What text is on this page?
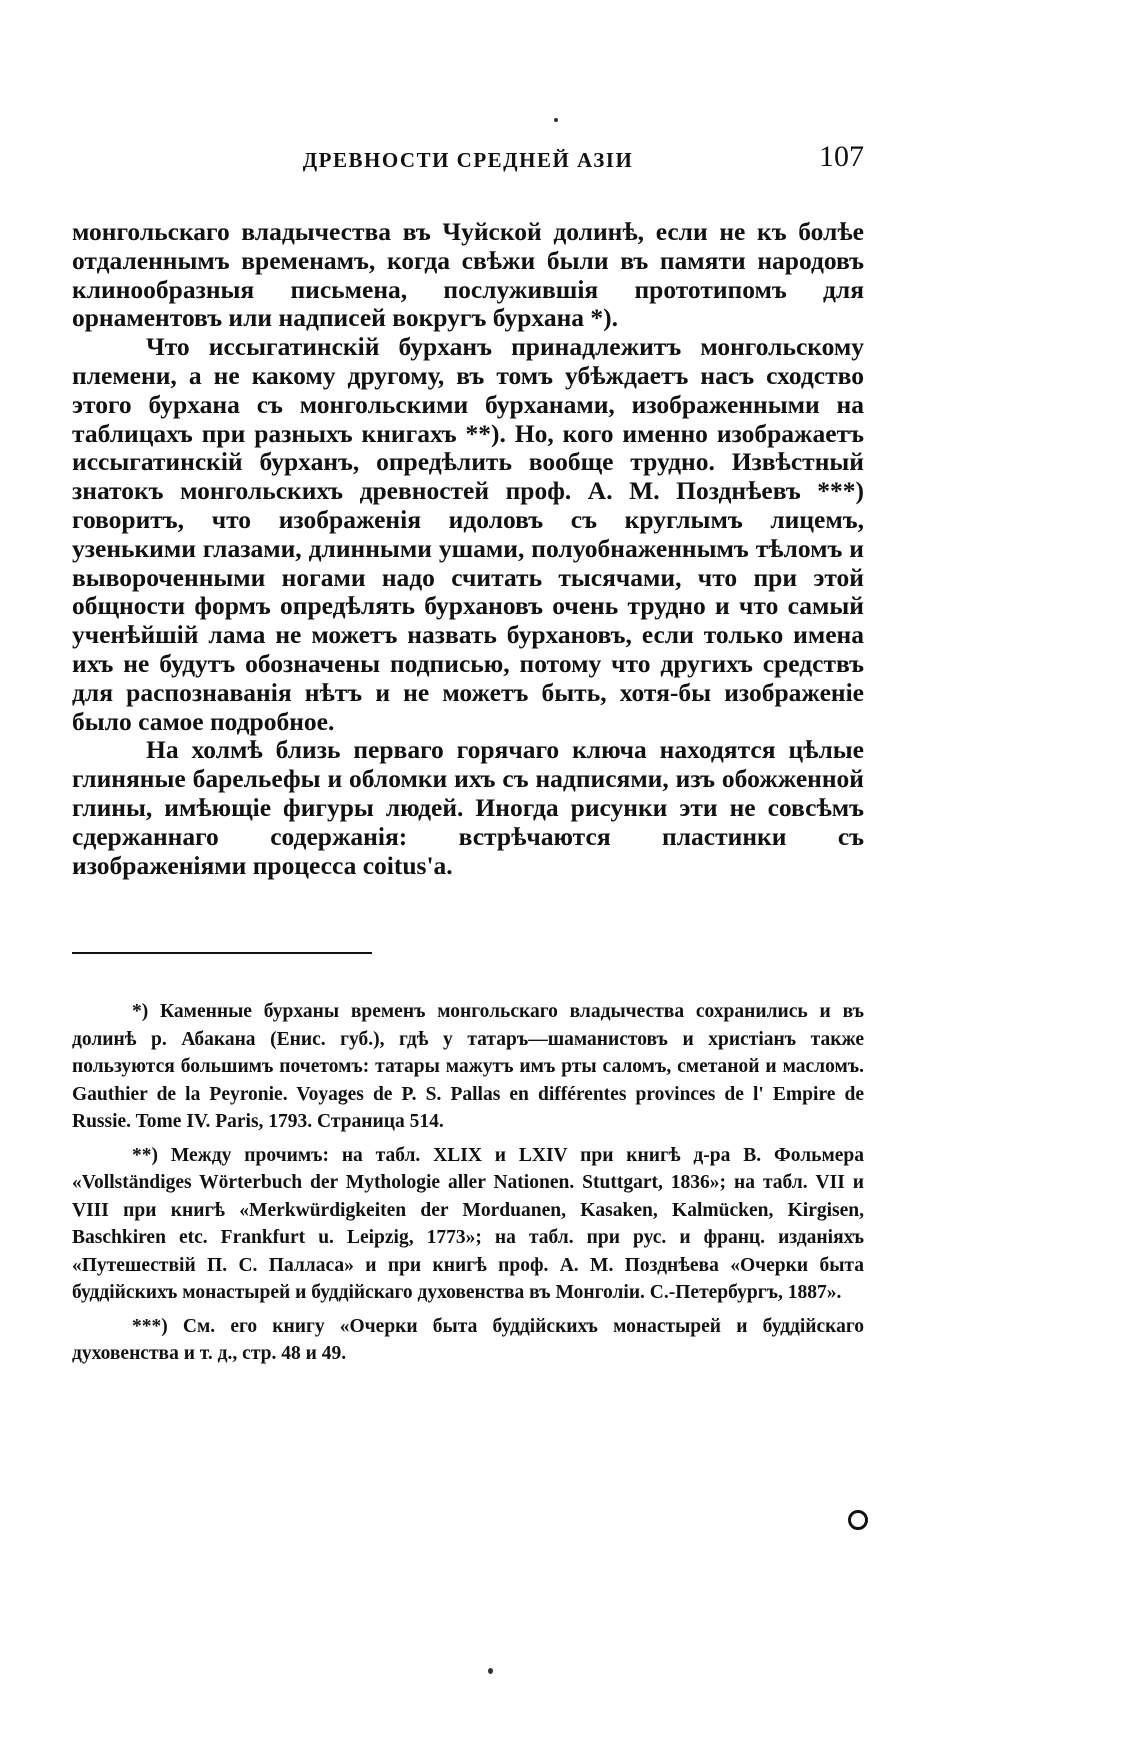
ДРЕВНОСТИ СРЕДНЕЙ АЗІИ	107

монгольскаго владычества въ Чуйской долинѣ, если не къ болѣе отдаленнымъ временамъ, когда свѣжи были въ памяти народовъ клинообразныя письмена, послужившія прототипомъ для орнаментовъ или надписей вокругъ бурхана *).

Что иссыгатинскій бурханъ принадлежитъ монгольскому племени, а не какому другому, въ томъ убѣждаетъ насъ сходство этого бурхана съ монгольскими бурханами, изображенными на таблицахъ при разныхъ книгахъ **). Но, кого именно изображаетъ иссыгатинскій бурханъ, опредѣлить вообще трудно. Извѣстный знатокъ монгольскихъ древностей проф. А. М. Позднѣевъ ***) говоритъ, что изображенія идоловъ съ круглымъ лицемъ, узенькими глазами, длинными ушами, полуобнаженнымъ тѣломъ и вывороченными ногами надо считать тысячами, что при этой общности формъ опредѣлять бурхановъ очень трудно и что самый ученѣйшій лама не можетъ назвать бурхановъ, если только имена ихъ не будутъ обозначены подписью, потому что другихъ средствъ для распознаванія нѣтъ и не можетъ быть, хотя-бы изображеніе было самое подробное.

На холмѣ близь перваго горячаго ключа находятся цѣлые глиняные барельефы и обломки ихъ съ надписями, изъ обожженной глины, имѣющіе фигуры людей. Иногда рисунки эти не совсѣмъ сдержаннаго содержанія: встрѣчаются пластинки съ изображеніями процесса coitus'а.

*) Каменные бурханы временъ монгольскаго владычества сохранились и въ долинѣ р. Абакана (Енис. губ.), гдѣ у татаръ—шаманистовъ и христіанъ также пользуются большимъ почетомъ: татары мажутъ имъ рты саломъ, сметаной и масломъ. Gauthier de la Peyronie. Voyages de P. S. Pallas en différentes provinces de l' Empire de Russie. Tome IV. Paris, 1793. Страница 514.

**) Между прочимъ: на табл. XLIX и LXIV при книгѣ д-ра В. Фольмера «Vollständiges Wörterbuch der Mythologie aller Nationen. Stuttgart, 1836»; на табл. VII и VIII при книгѣ «Merkwürdigkeiten der Morduanen, Kasaken, Kalmücken, Kirgisen, Baschkiren etc. Frankfurt u. Leipzig, 1773»; на табл. при рус. и франц. изданіяхъ «Путешествій П. С. Палласа» и при книгѣ проф. А. М. Позднѣева «Очерки быта буддійскихъ монастырей и буддійскаго духовенства въ Монголіи. С.-Петербургъ, 1887».

***) См. его книгу «Очерки быта буддійскихъ монастырей и буддійскаго духовенства и т. д., стр. 48 и 49.
